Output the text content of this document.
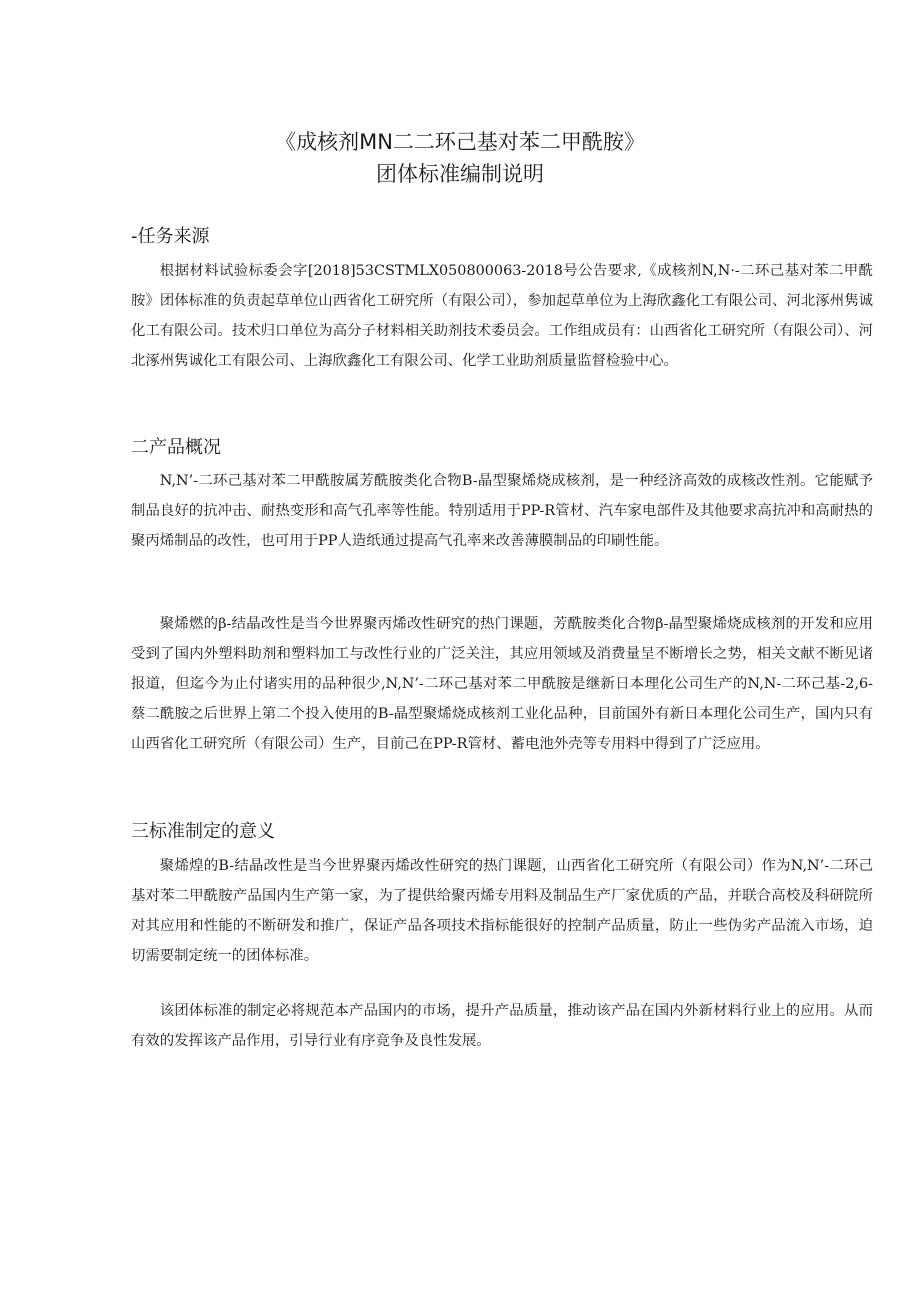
《成核剂MN二二环己基对苯二甲酰胺》
团体标准编制说明
-任务来源

根据材料试验标委会字[2018]53CSTMLX050800063-2018号公告要求,《成核剂N,N·-二环己基对苯二甲酰胺》团体标准的负责起草单位山西省化工研究所（有限公司），参加起草单位为上海欣鑫化工有限公司、河北涿州隽诚化工有限公司。技术归口单位为高分子材料相关助剂技术委员会。工作组成员有：山西省化工研究所（有限公司）、河北涿州隽诚化工有限公司、上海欣鑫化工有限公司、化学工业助剂质量监督检验中心。

二产品概况

N,N’-二环己基对苯二甲酰胺属芳酰胺类化合物B-晶型聚烯烧成核剂，是一种经济高效的成核改性剂。它能赋予制品良好的抗冲击、耐热变形和高气孔率等性能。特别适用于PP-R管材、汽车家电部件及其他要求高抗冲和高耐热的聚丙烯制品的改性，也可用于PP人造纸通过提高气孔率来改善薄膜制品的印刷性能。

聚烯燃的β-结晶改性是当今世界聚丙烯改性研究的热门课题，芳酰胺类化合物β-晶型聚烯烧成核剂的开发和应用受到了国内外塑料助剂和塑料加工与改性行业的广泛关注，其应用领域及消费量呈不断增长之势，相关文献不断见诸报道，但迄今为止付诸实用的品种很少,N,N’-二环己基对苯二甲酰胺是继新日本理化公司生产的N,N-二环己基-2,6-蔡二酰胺之后世界上第二个投入使用的B-晶型聚烯烧成核剂工业化品种，目前国外有新日本理化公司生产，国内只有山西省化工研究所（有限公司）生产，目前己在PP-R管材、蓄电池外壳等专用料中得到了广泛应用。

三标准制定的意义

聚烯煌的B-结晶改性是当今世界聚丙烯改性研究的热门课题，山西省化工研究所（有限公司）作为N,N’-二环己基对苯二甲酰胺产品国内生产第一家，为了提供给聚丙烯专用料及制品生产厂家优质的产品，并联合高校及科研院所对其应用和性能的不断研发和推广，保证产品各项技术指标能很好的控制产品质量，防止一些伪劣产品流入市场，迫切需要制定统一的团体标准。

该团体标准的制定必将规范本产品国内的市场，提升产品质量，推动该产品在国内外新材料行业上的应用。从而有效的发挥该产品作用，引导行业有序竞争及良性发展。
